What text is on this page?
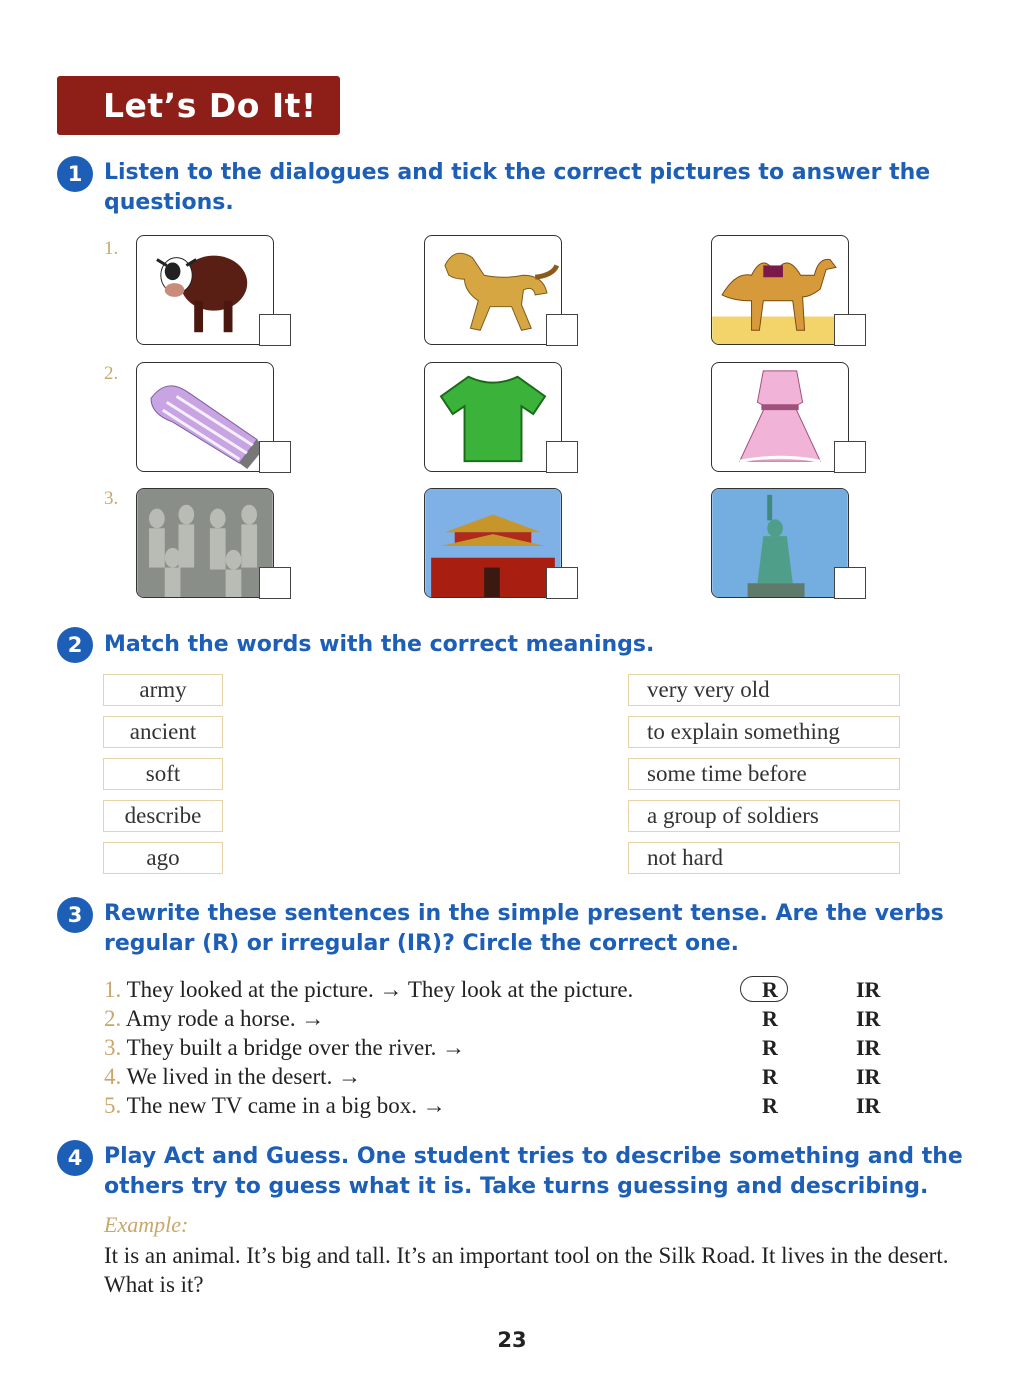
Let’s Do It!
1 Listen to the dialogues and tick the correct pictures to answer the questions.
1.
2.
3.
2 Match the words with the correct meanings.
army
ancient
soft
describe
ago
very very old
to explain something
some time before
a group of soldiers
not hard
3 Rewrite these sentences in the simple present tense. Are the verbs regular (R) or irregular (IR)? Circle the correct one.
1. They looked at the picture. → They look at the picture.
2. Amy rode a horse. →
3. They built a bridge over the river. →
4. We lived in the desert. →
5. The new TV came in a big box. →
R
R
R
R
R
IR
IR
IR
IR
IR
4 Play Act and Guess. One student tries to describe something and the others try to guess what it is. Take turns guessing and describing.
Example:
It is an animal. It’s big and tall. It’s an important tool on the Silk Road. It lives in the desert. What is it?
23
